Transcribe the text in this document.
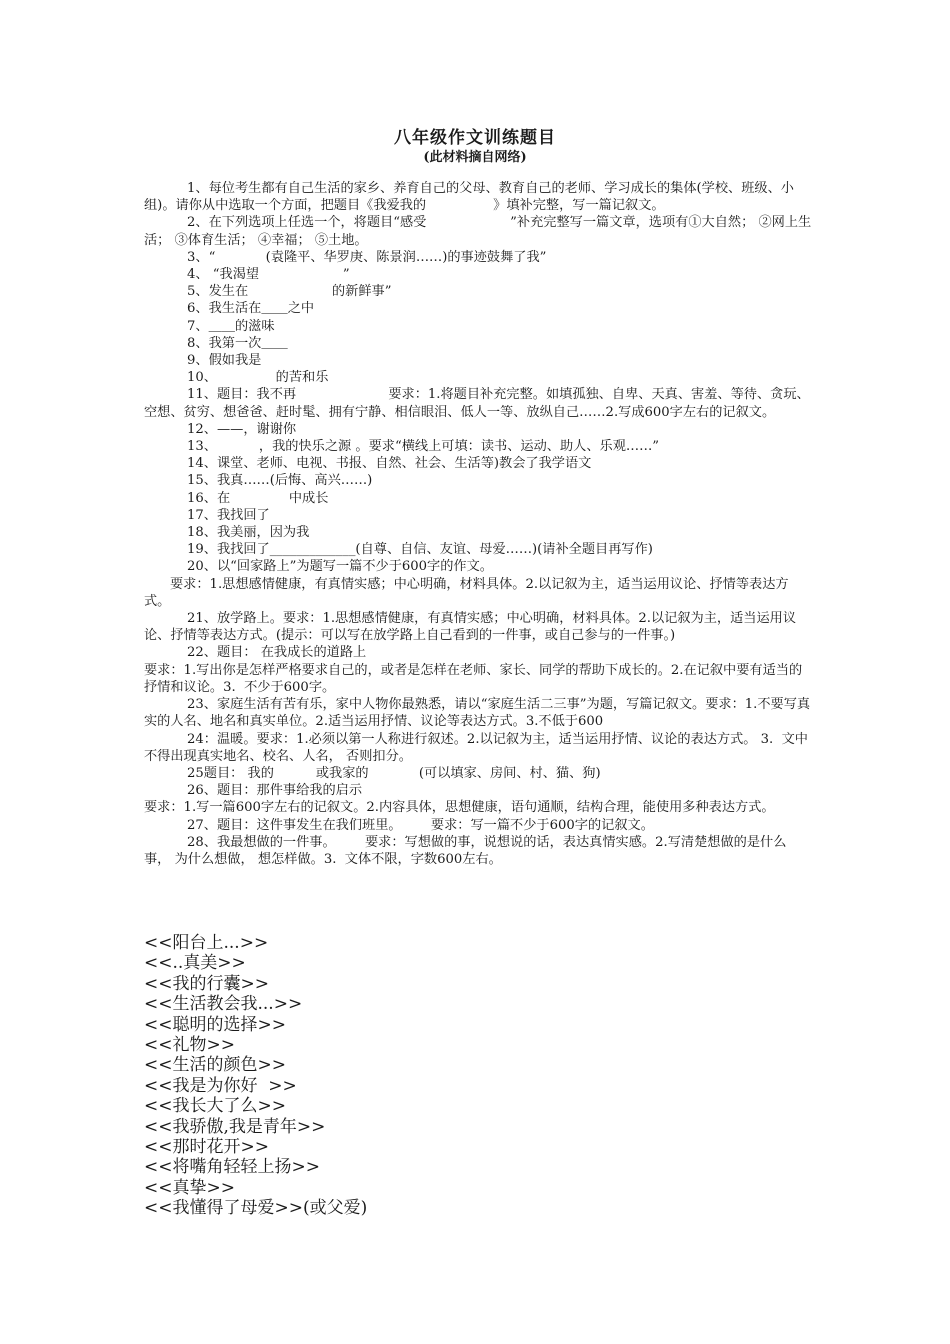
八年级作文训练题目
(此材料摘自网络)

1、每位考生都有自己生活的家乡、养育自己的父母、教育自己的老师、学习成长的集体(学校、班级、小组)。请你从中选取一个方面，把题目《我爱我的                》填补完整，写一篇记叙文。

2、在下列选项上任选一个，将题目“感受                    ”补充完整写一篇文章，选项有①大自然； ②网上生活； ③体育生活； ④幸福； ⑤土地。

3、“            (袁隆平、华罗庚、陈景润……)的事迹鼓舞了我”

4、 “我渴望                    ”

5、发生在                    的新鲜事”

6、我生活在＿＿之中

7、＿＿的滋味

8、我第一次＿＿

9、假如我是

10、              的苦和乐

11、题目：我不再                      要求：1.将题目补充完整。如填孤独、自卑、天真、害羞、等待、贪玩、空想、贫穷、想爸爸、赶时髦、拥有宁静、相信眼泪、低人一等、放纵自己……2.写成600字左右的记叙文。

12、——，谢谢你

13、          ，我的快乐之源 。要求“横线上可填：读书、运动、助人、乐观……”

14、课堂、老师、电视、书报、自然、社会、生活等)教会了我学语文

15、我真……(后悔、高兴……)

16、在              中成长

17、我找回了

18、我美丽，因为我

19、我找回了_____________(自尊、自信、友谊、母爱……)(请补全题目再写作)

20、以“回家路上”为题写一篇不少于600字的作文。

要求：1.思想感情健康，有真情实感；中心明确，材料具体。2.以记叙为主，适当运用议论、抒情等表达方式。

21、放学路上。要求：1.思想感情健康，有真情实感；中心明确，材料具体。2.以记叙为主，适当运用议论、抒情等表达方式。(提示：可以写在放学路上自己看到的一件事，或自己参与的一件事。)

22、题目： 在我成长的道路上

要求：1.写出你是怎样严格要求自己的，或者是怎样在老师、家长、同学的帮助下成长的。2.在记叙中要有适当的抒情和议论。3.  不少于600字。

23、家庭生活有苦有乐，家中人物你最熟悉，请以“家庭生活二三事”为题，写篇记叙文。要求：1.不要写真实的人名、地名和真实单位。2.适当运用抒情、议论等表达方式。3.不低于600

24：温暖。要求：1.必须以第一人称进行叙述。2.以记叙为主，适当运用抒情、议论的表达方式。 3.  文中不得出现真实地名、校名、人名， 否则扣分。

25题目： 我的          或我家的            (可以填家、房间、村、猫、狗)

26、题目：那件事给我的启示

要求：1.写一篇600字左右的记叙文。2.内容具体，思想健康，语句通顺，结构合理，能使用多种表达方式。

27、题目：这件事发生在我们班里。       要求：写一篇不少于600字的记叙文。

28、我最想做的一件事。       要求：写想做的事，说想说的话，表达真情实感。2.写清楚想做的是什么事， 为什么想做， 想怎样做。3.  文体不限，字数600左右。

<<阳台上...>>

<<..真美>>

<<我的行囊>>

<<生活教会我...>>

<<聪明的选择>>

<<礼物>>

<<生活的颜色>>

<<我是为你好  >>

<<我长大了么>>

<<我骄傲,我是青年>>

<<那时花开>>

<<将嘴角轻轻上扬>>

<<真挚>>

<<我懂得了母爱>>(或父爱)
